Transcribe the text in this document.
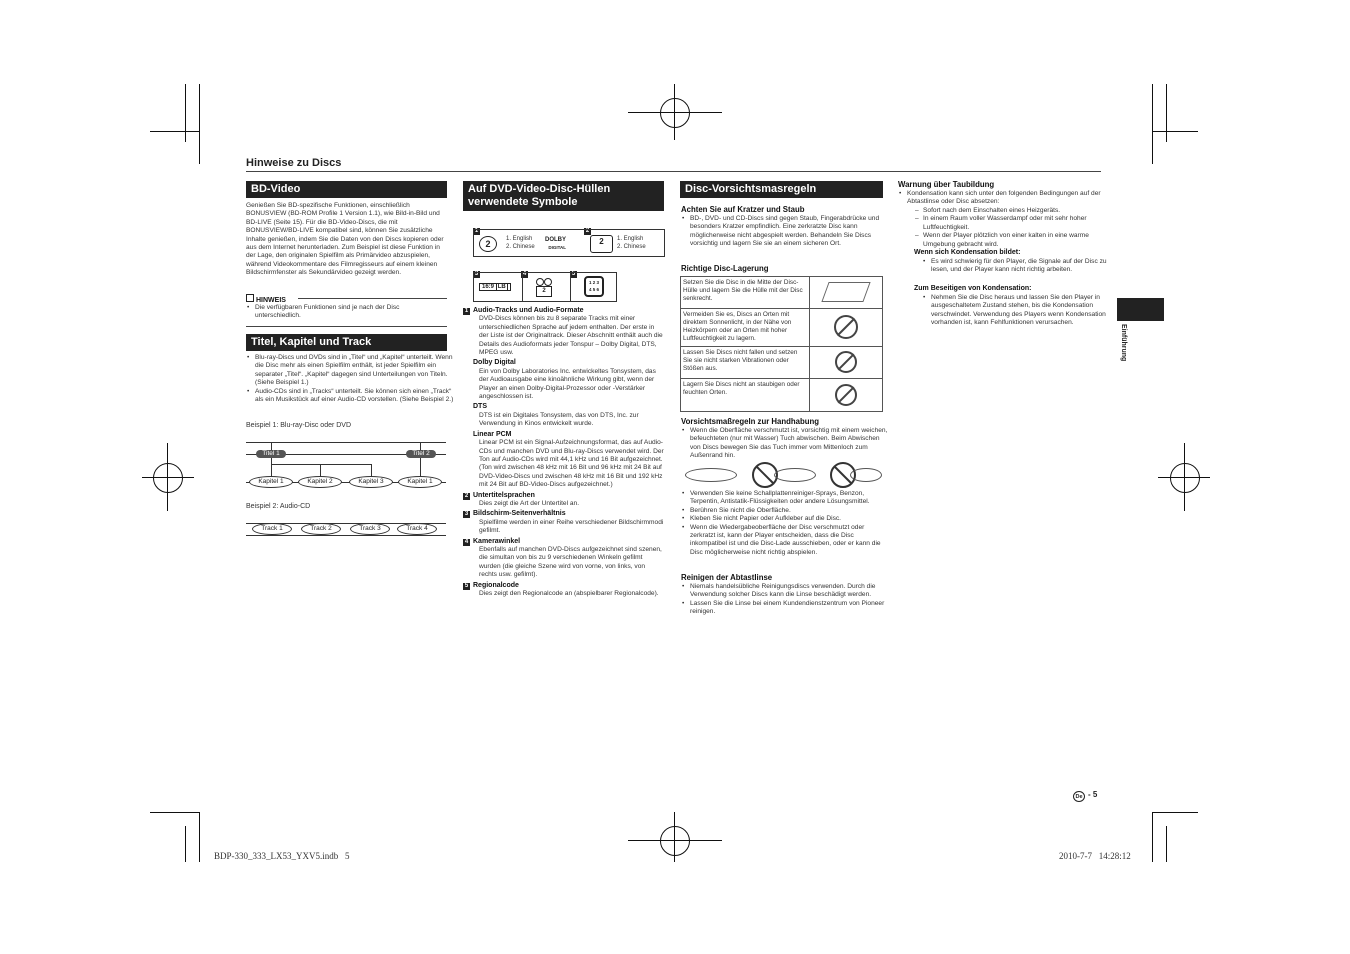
Hinweise zu Discs
BD-Video
Genießen Sie BD-spezifische Funktionen, einschließlich BONUSVIEW (BD-ROM Profile 1 Version 1.1), wie Bild-in-Bild und BD-LIVE (Seite 15). Für die BD-Video-Discs, die mit BONUSVIEW/BD-LIVE kompatibel sind, können Sie zusätzliche Inhalte genießen, indem Sie die Daten von den Discs kopieren oder aus dem Internet herunterladen. Zum Beispiel ist diese Funktion in der Lage, den originalen Spielfilm als Primärvideo abzuspielen, während Videokommentare des Filmregisseurs auf einem kleinen Bildschirmfenster als Sekundärvideo gezeigt werden.
HINWEIS
• Die verfügbaren Funktionen sind je nach der Disc unterschiedlich.
Titel, Kapitel und Track
• Blu-ray-Discs und DVDs sind in „Titel“ und „Kapitel“ unterteilt. Wenn die Disc mehr als einen Spielfilm enthält, ist jeder Spielfilm ein separater „Titel“. „Kapitel“ dagegen sind Unterteilungen von Titeln. (Siehe Beispiel 1.)
• Audio-CDs sind in „Tracks“ unterteilt. Sie können sich einen „Track“ als ein Musikstück auf einer Audio-CD vorstellen. (Siehe Beispiel 2.)
Beispiel 1: Blu-ray-Disc oder DVD
Titel 1	Titel 2
Kapitel 1	Kapitel 2	Kapitel 3	Kapitel 1
Beispiel 2: Audio-CD
Track 1	Track 2	Track 3	Track 4
Auf DVD-Video-Disc-Hüllen verwendete Symbole
1	2
2	1. English
2. Chinese
DOLBY
DIGITAL
2	1. English
2. Chinese
3	4	5
16:9 LB
2
1 2 3
4 5 6
1 Audio-Tracks und Audio-Formate
DVD-Discs können bis zu 8 separate Tracks mit einer unterschiedlichen Sprache auf jedem enthalten. Der erste in der Liste ist der Originaltrack. Dieser Abschnitt enthält auch die Details des Audioformats jeder Tonspur – Dolby Digital, DTS, MPEG usw.
Dolby Digital
Ein von Dolby Laboratories Inc. entwickeltes Tonsystem, das der Audioausgabe eine kinoähnliche Wirkung gibt, wenn der Player an einen Dolby-Digital-Prozessor oder -Verstärker angeschlossen ist.
DTS
DTS ist ein Digitales Tonsystem, das von DTS, Inc. zur Verwendung in Kinos entwickelt wurde.
Linear PCM
Linear PCM ist ein Signal-Aufzeichnungsformat, das auf Audio-CDs und manchen DVD und Blu-ray-Discs verwendet wird. Der Ton auf Audio-CDs wird mit 44,1 kHz und 16 Bit aufgezeichnet. (Ton wird zwischen 48 kHz mit 16 Bit und 96 kHz mit 24 Bit auf DVD-Video-Discs und zwischen 48 kHz mit 16 Bit und 192 kHz mit 24 Bit auf BD-Video-Discs aufgezeichnet.)
2 Untertitelsprachen
Dies zeigt die Art der Untertitel an.
3 Bildschirm-Seitenverhältnis
Spielfilme werden in einer Reihe verschiedener Bildschirmmodi gefilmt.
4 Kamerawinkel
Ebenfalls auf manchen DVD-Discs aufgezeichnet sind szenen, die simultan von bis zu 9 verschiedenen Winkeln gefilmt wurden (die gleiche Szene wird von vorne, von links, von rechts usw. gefilmt).
5 Regionalcode
Dies zeigt den Regionalcode an (abspielbarer Regionalcode).
Disc-Vorsichtsmasregeln
Achten Sie auf Kratzer und Staub
• BD-, DVD- und CD-Discs sind gegen Staub, Fingerabdrücke und besonders Kratzer empfindlich. Eine zerkratzte Disc kann möglicherweise nicht abgespielt werden. Behandeln Sie Discs vorsichtig und lagern Sie sie an einem sicheren Ort.
Richtige Disc-Lagerung
Setzen Sie die Disc in die Mitte der Disc-Hülle und lagern Sie die Hülle mit der Disc senkrecht.	

Vermeiden Sie es, Discs an Orten mit direktem Sonnenlicht, in der Nähe von Heizkörpern oder an Orten mit hoher Luftfeuchtigkeit zu lagern.	

Lassen Sie Discs nicht fallen und setzen Sie sie nicht starken Vibrationen oder Stößen aus.	

Lagern Sie Discs nicht an staubigen oder feuchten Orten.	
Vorsichtsmaßregeln zur Handhabung
• Wenn die Oberfläche verschmutzt ist, vorsichtig mit einem weichen, befeuchteten (nur mit Wasser) Tuch abwischen. Beim Abwischen von Discs bewegen Sie das Tuch immer vom Mittenloch zum Außenrand hin.
• Verwenden Sie keine Schallplattenreiniger-Sprays, Benzon, Terpentin, Antistatik-Flüssigkeiten oder andere Lösungsmittel.
• Berühren Sie nicht die Oberfläche.
• Kleben Sie nicht Papier oder Aufkleber auf die Disc.
• Wenn die Wiedergabeoberfläche der Disc verschmutzt oder zerkratzt ist, kann der Player entscheiden, dass die Disc inkompatibel ist und die Disc-Lade ausschieben, oder er kann die Disc möglicherweise nicht richtig abspielen.
Reinigen der Abtastlinse
• Niemals handelsübliche Reinigungsdiscs verwenden. Durch die Verwendung solcher Discs kann die Linse beschädigt werden.
• Lassen Sie die Linse bei einem Kundendienstzentrum von Pioneer reinigen.
Warnung über Taubildung
• Kondensation kann sich unter den folgenden Bedingungen auf der Abtastlinse oder Disc absetzen:
– Sofort nach dem Einschalten eines Heizgeräts.
– In einem Raum voller Wasserdampf oder mit sehr hoher Luftfeuchtigkeit.
– Wenn der Player plötzlich von einer kalten in eine warme Umgebung gebracht wird.
Wenn sich Kondensation bildet:
• Es wird schwierig für den Player, die Signale auf der Disc zu lesen, und der Player kann nicht richtig arbeiten.
Zum Beseitigen von Kondensation:
• Nehmen Sie die Disc heraus und lassen Sie den Player in ausgeschaltetem Zustand stehen, bis die Kondensation verschwindet. Verwendung des Players wenn Kondensation vorhanden ist, kann Fehlfunktionen verursachen.
Einführung
De - 5
BDP-330_333_LX53_YXV5.indb   5	2010-7-7   14:28:12
